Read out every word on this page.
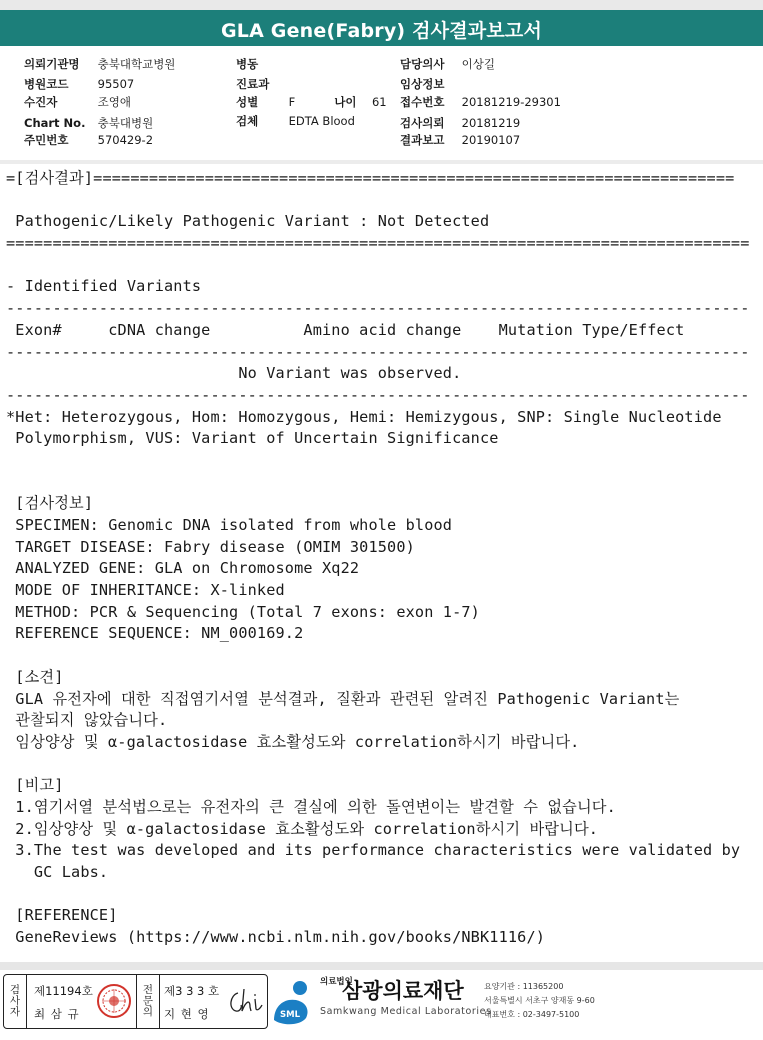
GLA Gene(Fabry) 검사결과보고서
의뢰기관명 충북대학교병원
병원코드	95507
수진자	조영애
Chart No. 충북대병원
주민번호	570429-2
병동
진료과
성별	F	나이 61
검체	EDTA Blood
담당의사 이상길
임상정보
접수번호 20181219-29301
검사의뢰 20181219
결과보고 20190107
=[검사결과]=====================================================================
Pathogenic/Likely Pathogenic Variant : Not Detected
================================================================================
- Identified Variants
--------------------------------------------------------------------------------
Exon#     cDNA change          Amino acid change    Mutation Type/Effect
--------------------------------------------------------------------------------
No Variant was observed.
--------------------------------------------------------------------------------
*Het: Heterozygous, Hom: Homozygous, Hemi: Hemizygous, SNP: Single Nucleotide
Polymorphism, VUS: Variant of Uncertain Significance
[검사정보]
SPECIMEN: Genomic DNA isolated from whole blood
TARGET DISEASE: Fabry disease (OMIM 301500)
ANALYZED GENE: GLA on Chromosome Xq22
MODE OF INHERITANCE: X-linked
METHOD: PCR & Sequencing (Total 7 exons: exon 1-7)
REFERENCE SEQUENCE: NM_000169.2
[소견]
GLA 유전자에 대한 직접염기서열 분석결과, 질환과 관련된 알려진 Pathogenic Variant는
관찰되지 않았습니다.
임상양상 및 α-galactosidase 효소활성도와 correlation하시기 바랍니다.
[비고]
1.염기서열 분석법으로는 유전자의 큰 결실에 의한 돌연변이는 발견할 수 없습니다.
2.임상양상 및 α-galactosidase 효소활성도와 correlation하시기 바랍니다.
3.The test was developed and its performance characteristics were validated by
GC Labs.
[REFERENCE]
GeneReviews (https://www.ncbi.nlm.nih.gov/books/NBK1116/)
검
사
자
제11194호
최 삼 규
전
문
의
제3 3 3 호
지 현 영	SML
의료법인
삼광의료재단
Samkwang Medical Laboratories
요양기관 : 11365200
서울특별시 서초구 양재동 9-60
대표번호 : 02-3497-5100
